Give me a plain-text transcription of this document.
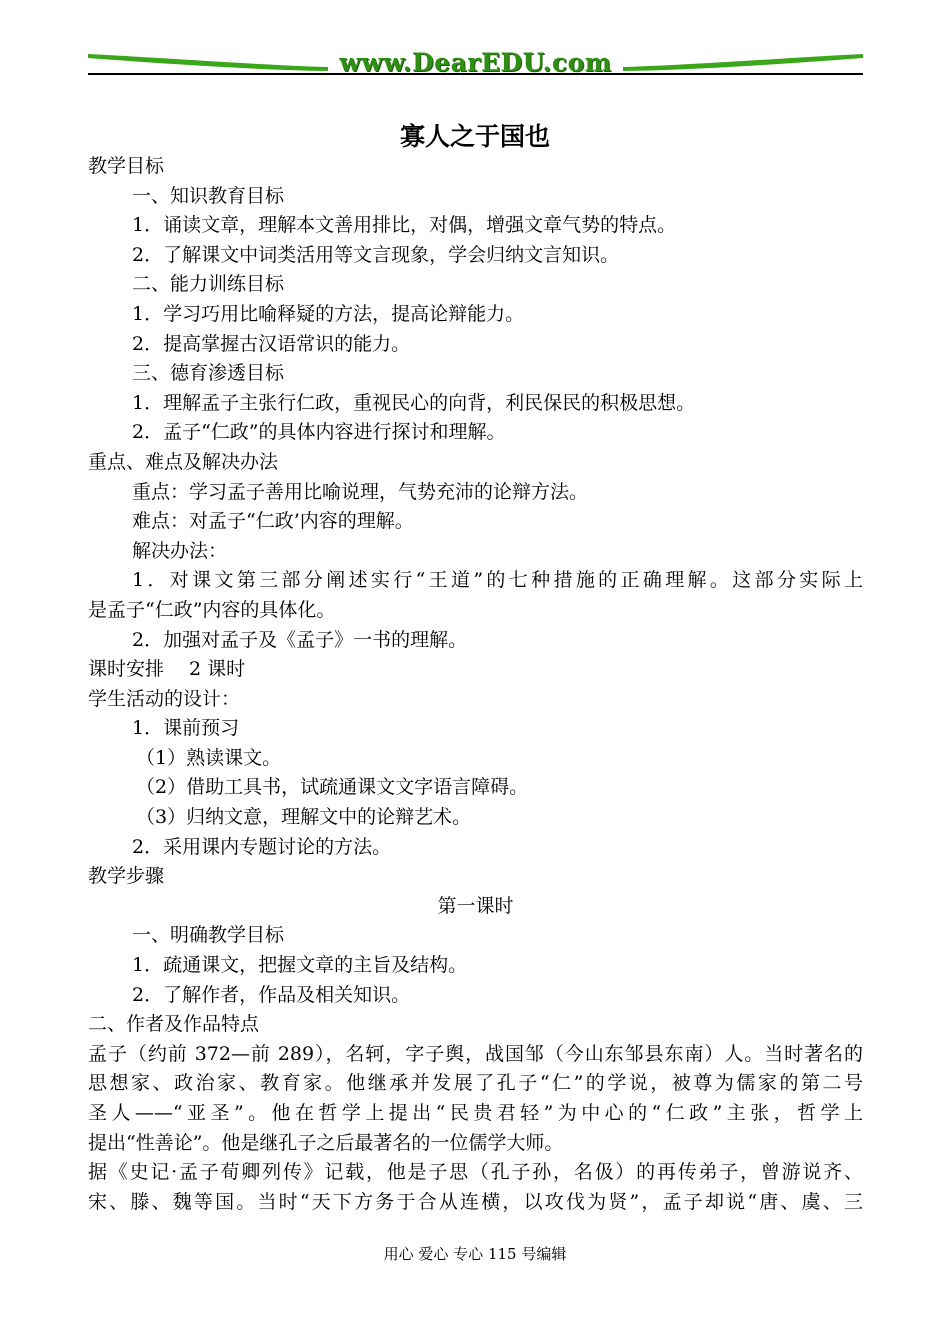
www.DearEDU.com
寡人之于国也
教学目标
一、知识教育目标
1．诵读文章，理解本文善用排比，对偶，增强文章气势的特点。
2．了解课文中词类活用等文言现象，学会归纳文言知识。
二、能力训练目标
1．学习巧用比喻释疑的方法，提高论辩能力。
2．提高掌握古汉语常识的能力。
三、德育渗透目标
1．理解孟子主张行仁政，重视民心的向背，利民保民的积极思想。
2．孟子“仁政”的具体内容进行探讨和理解。
重点、难点及解决办法
重点：学习孟子善用比喻说理，气势充沛的论辩方法。
难点：对孟子“仁政’内容的理解。
解决办法：
1．对课文第三部分阐述实行“王道”的七种措施的正确理解。这部分实际上
是孟子“仁政”内容的具体化。
2．加强对孟子及《孟子》一书的理解。
课时安排　 2 课时
学生活动的设计：
1．课前预习
（1）熟读课文。
（2）借助工具书，试疏通课文文字语言障碍。
（3）归纳文意，理解文中的论辩艺术。
2．采用课内专题讨论的方法。
教学步骤
第一课时
一、明确教学目标
1．疏通课文，把握文章的主旨及结构。
2．了解作者，作品及相关知识。
二、作者及作品特点
孟子（约前 372—前 289），名轲，字子舆，战国邹（今山东邹县东南）人。当时著名的
思想家、政治家、教育家。他继承并发展了孔子“仁”的学说，被尊为儒家的第二号
圣人——“亚圣”。他在哲学上提出“民贵君轻”为中心的“仁政”主张，哲学上
提出“性善论”。他是继孔子之后最著名的一位儒学大师。
据《史记·孟子荀卿列传》记载，他是子思（孔子孙，名伋）的再传弟子，曾游说齐、
宋、滕、魏等国。当时“天下方务于合从连横，以攻伐为贤”，孟子却说“唐、虞、三
用心 爱心 专心 115 号编辑
